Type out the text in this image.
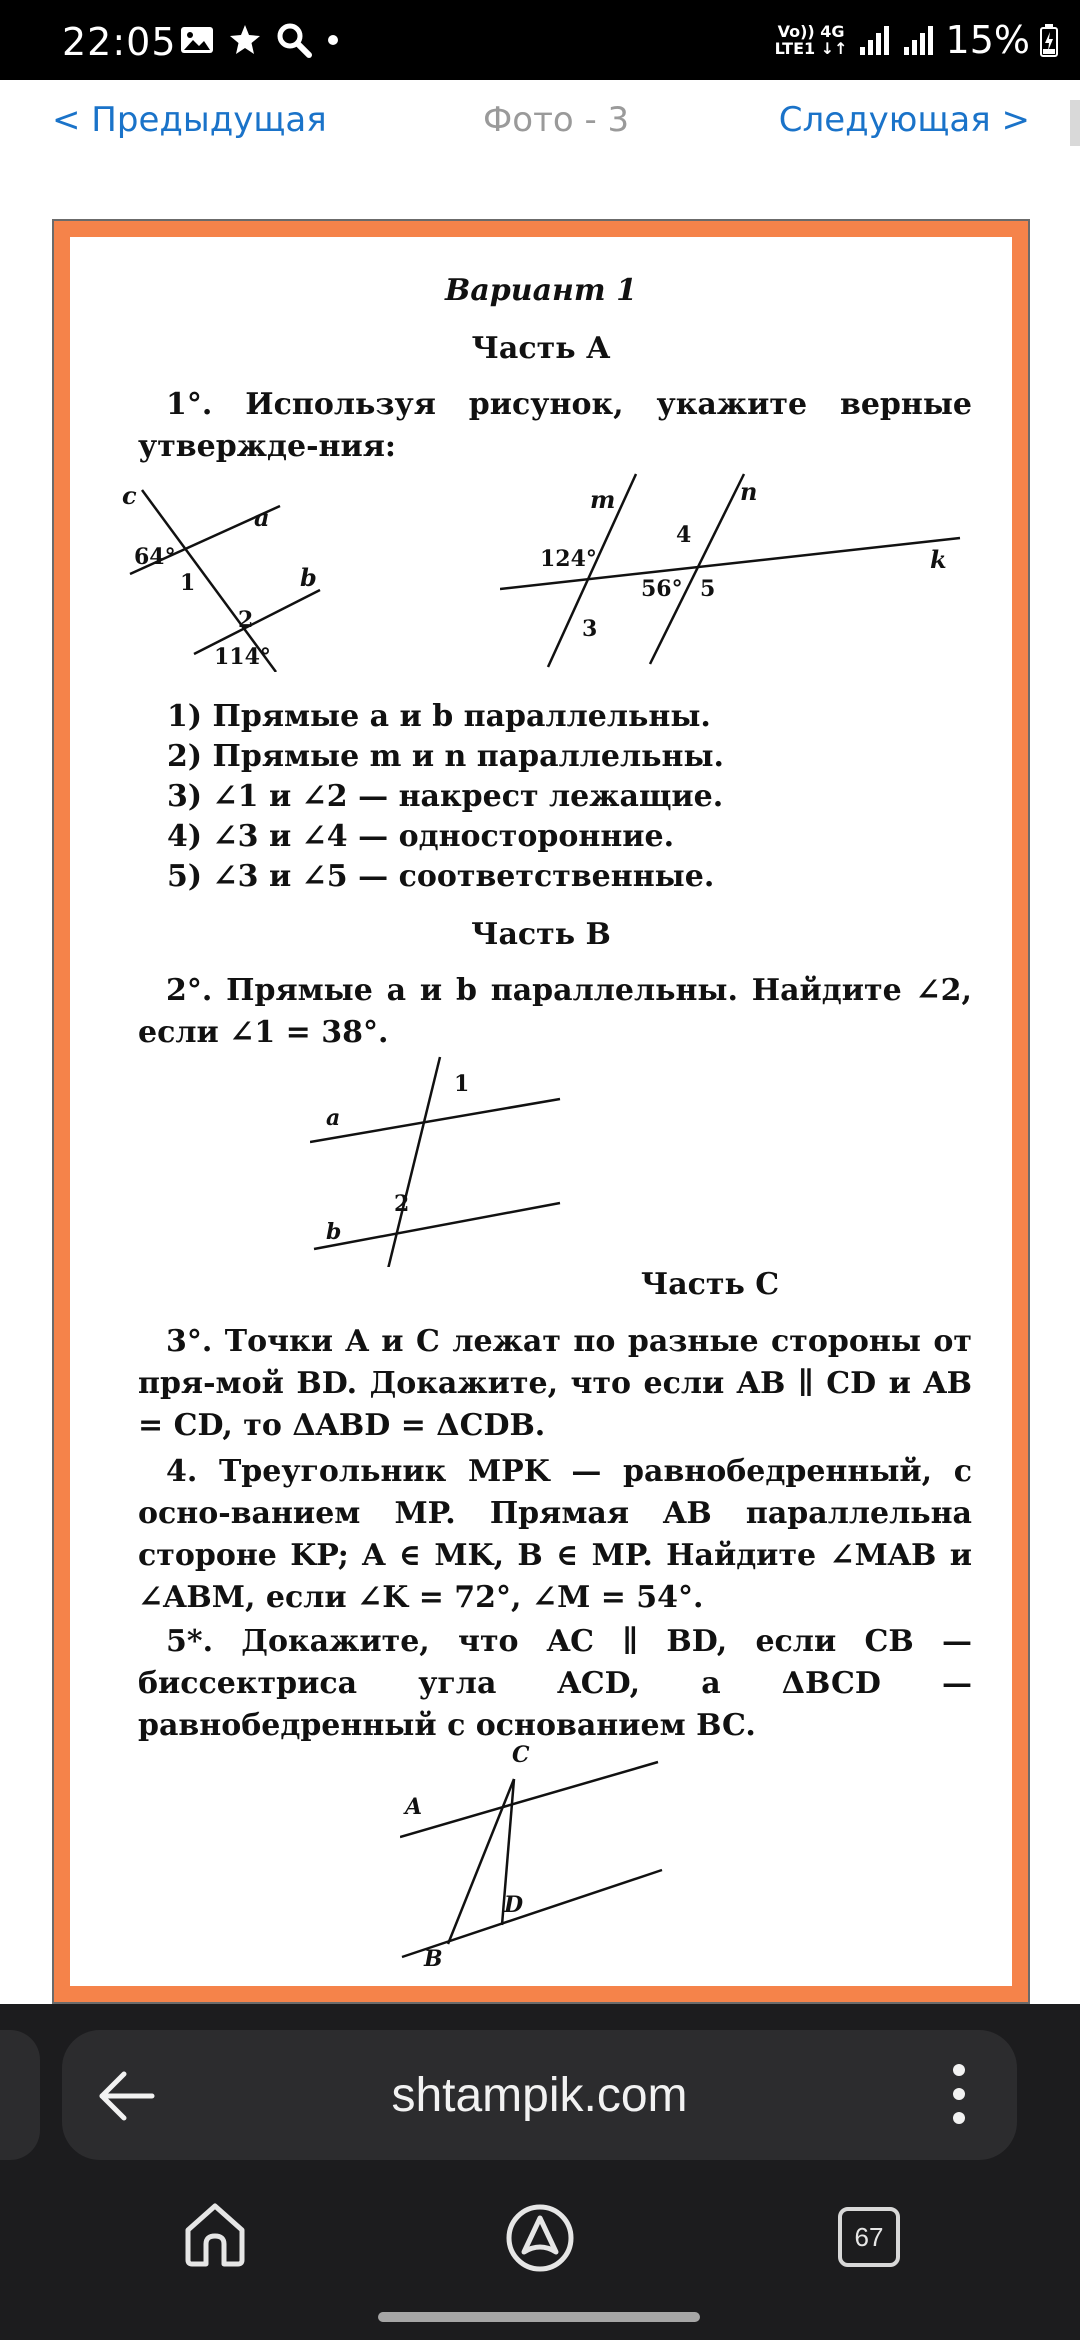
22:05	Vo)) 4G
LTE1 ↓↑	15%
< Предыдущая	Фото - 3	Следующая >
Вариант 1
Часть А
1°. Используя рисунок, укажите верные утвержде-ния:
c
a
b
64°
1
2
114°
m	n
k
124°
3
4
56° 5
1) Прямые a и b параллельны.
2) Прямые m и n параллельны.
3) ∠1 и ∠2 — накрест лежащие.
4) ∠3 и ∠4 — односторонние.
5) ∠3 и ∠5 — соответственные.
Часть В
2°. Прямые a и b параллельны. Найдите ∠2, если ∠1 = 38°.
a
b
1
2
Часть С
3°. Точки A и C лежат по разные стороны от пря-мой BD. Докажите, что если AB ∥ CD и AB = CD, то ΔABD = ΔCDB.
4. Треугольник MPK — равнобедренный, с осно-ванием MP. Прямая AB параллельна стороне KP; A ∈ MK, B ∈ MP. Найдите ∠MAB и ∠ABM, если ∠K = 72°, ∠M = 54°.
5*. Докажите, что AC ∥ BD, если CB — биссектриса угла ACD, а ΔBCD — равнобедренный с основанием BC.
A
B
C
D
shtampik.com
67
